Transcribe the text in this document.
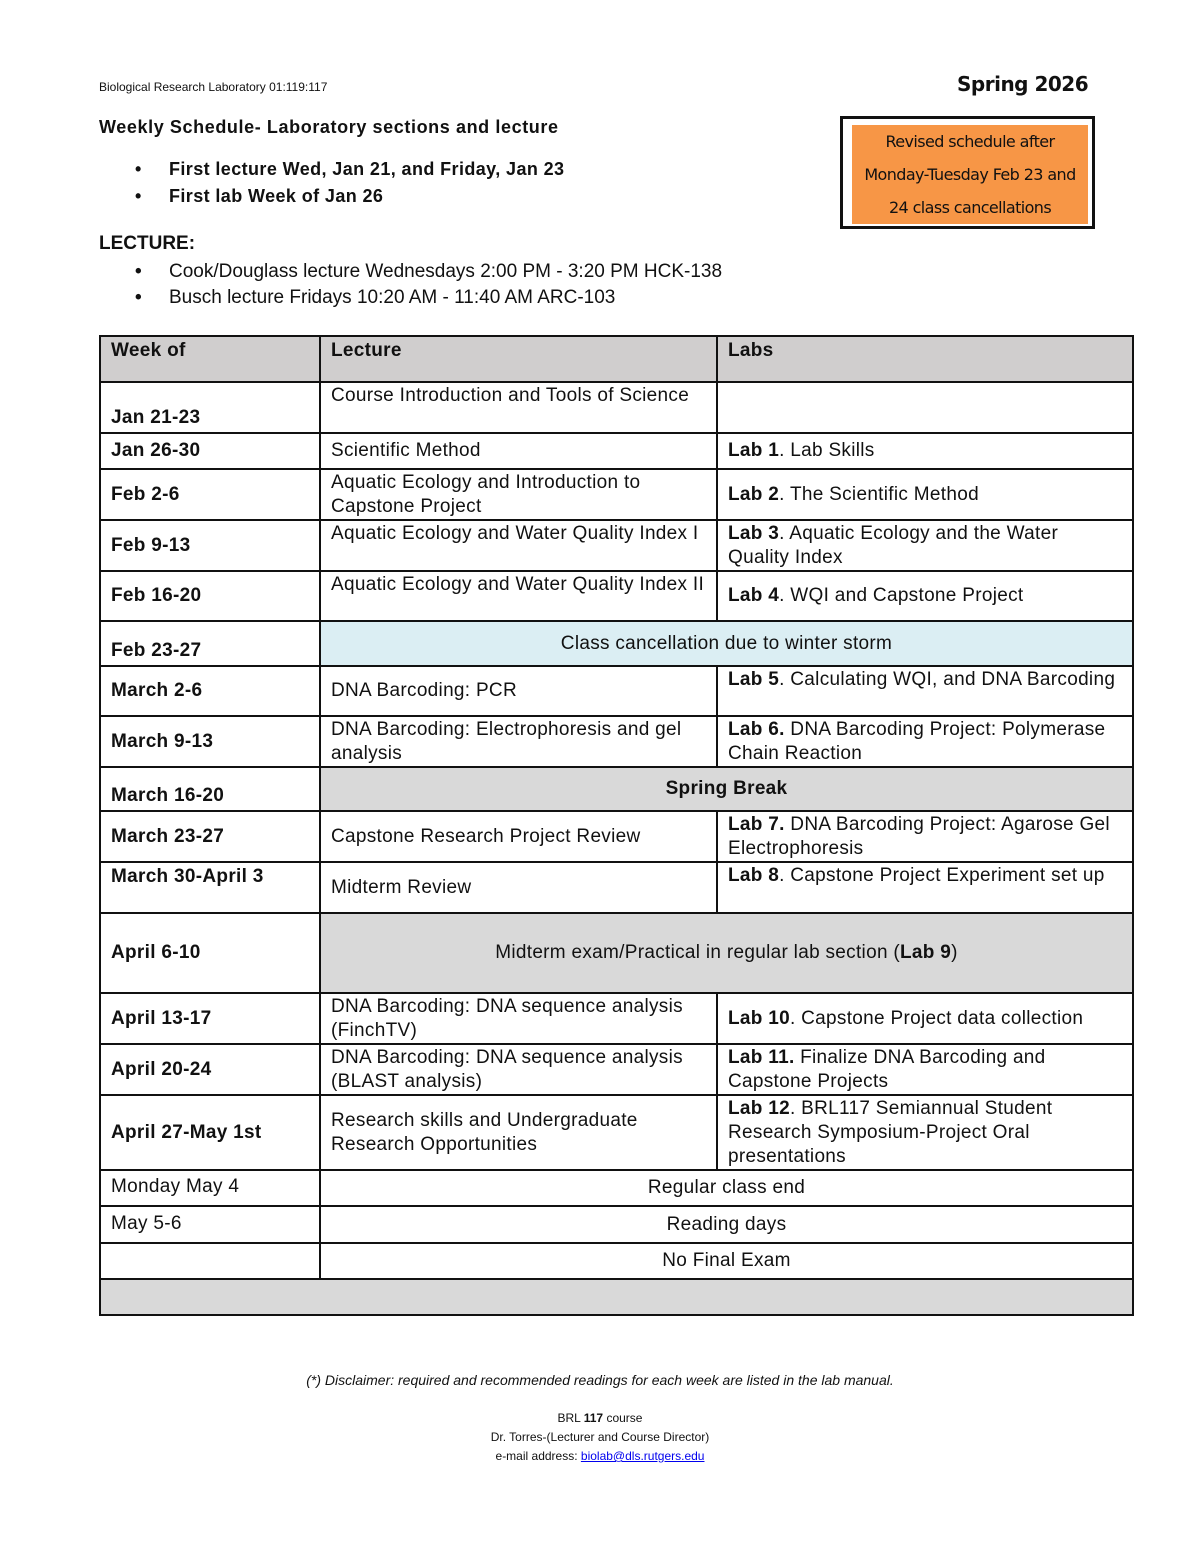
Biological Research Laboratory 01:119:117	Spring 2026
Weekly Schedule- Laboratory sections and lecture
• First lecture Wed, Jan 21, and Friday, Jan 23
• First lab Week of Jan 26
Revised schedule after
Monday-Tuesday Feb 23 and
24 class cancellations
LECTURE:
• Cook/Douglass lecture Wednesdays 2:00 PM - 3:20 PM HCK-138
• Busch lecture Fridays 10:20 AM - 11:40 AM ARC-103
Week of	Lecture	Labs
Jan 21-23	Course Introduction and Tools of Science	
Jan 26-30	Scientific Method	Lab 1. Lab Skills
Feb 2-6	Aquatic Ecology and Introduction to Capstone Project	Lab 2. The Scientific Method
Feb 9-13	Aquatic Ecology and Water Quality Index I	Lab 3. Aquatic Ecology and the Water Quality Index
Feb 16-20	Aquatic Ecology and Water Quality Index II	Lab 4. WQI and Capstone Project
Feb 23-27	Class cancellation due to winter storm	
March 2-6	DNA Barcoding: PCR	Lab 5. Calculating WQI, and DNA Barcoding
March 9-13	DNA Barcoding: Electrophoresis and gel analysis	Lab 6. DNA Barcoding Project: Polymerase Chain Reaction
March 16-20	Spring Break	
March 23-27	Capstone Research Project Review	Lab 7. DNA Barcoding Project: Agarose Gel Electrophoresis
March 30-April 3	Midterm Review	Lab 8. Capstone Project Experiment set up
April 6-10	Midterm exam/Practical in regular lab section (Lab 9)	
April 13-17	DNA Barcoding: DNA sequence analysis (FinchTV)	Lab 10. Capstone Project data collection
April 20-24	DNA Barcoding: DNA sequence analysis (BLAST analysis)	Lab 11. Finalize DNA Barcoding and Capstone Projects
April 27-May 1st	Research skills and Undergraduate Research Opportunities	Lab 12. BRL117 Semiannual Student Research Symposium-Project Oral presentations
Monday May 4	Regular class end	
May 5-6	Reading days	
	No Final Exam	

(*) Disclaimer: required and recommended readings for each week are listed in the lab manual.
BRL 117 course
Dr. Torres-(Lecturer and Course Director)
e-mail address: biolab@dls.rutgers.edu
